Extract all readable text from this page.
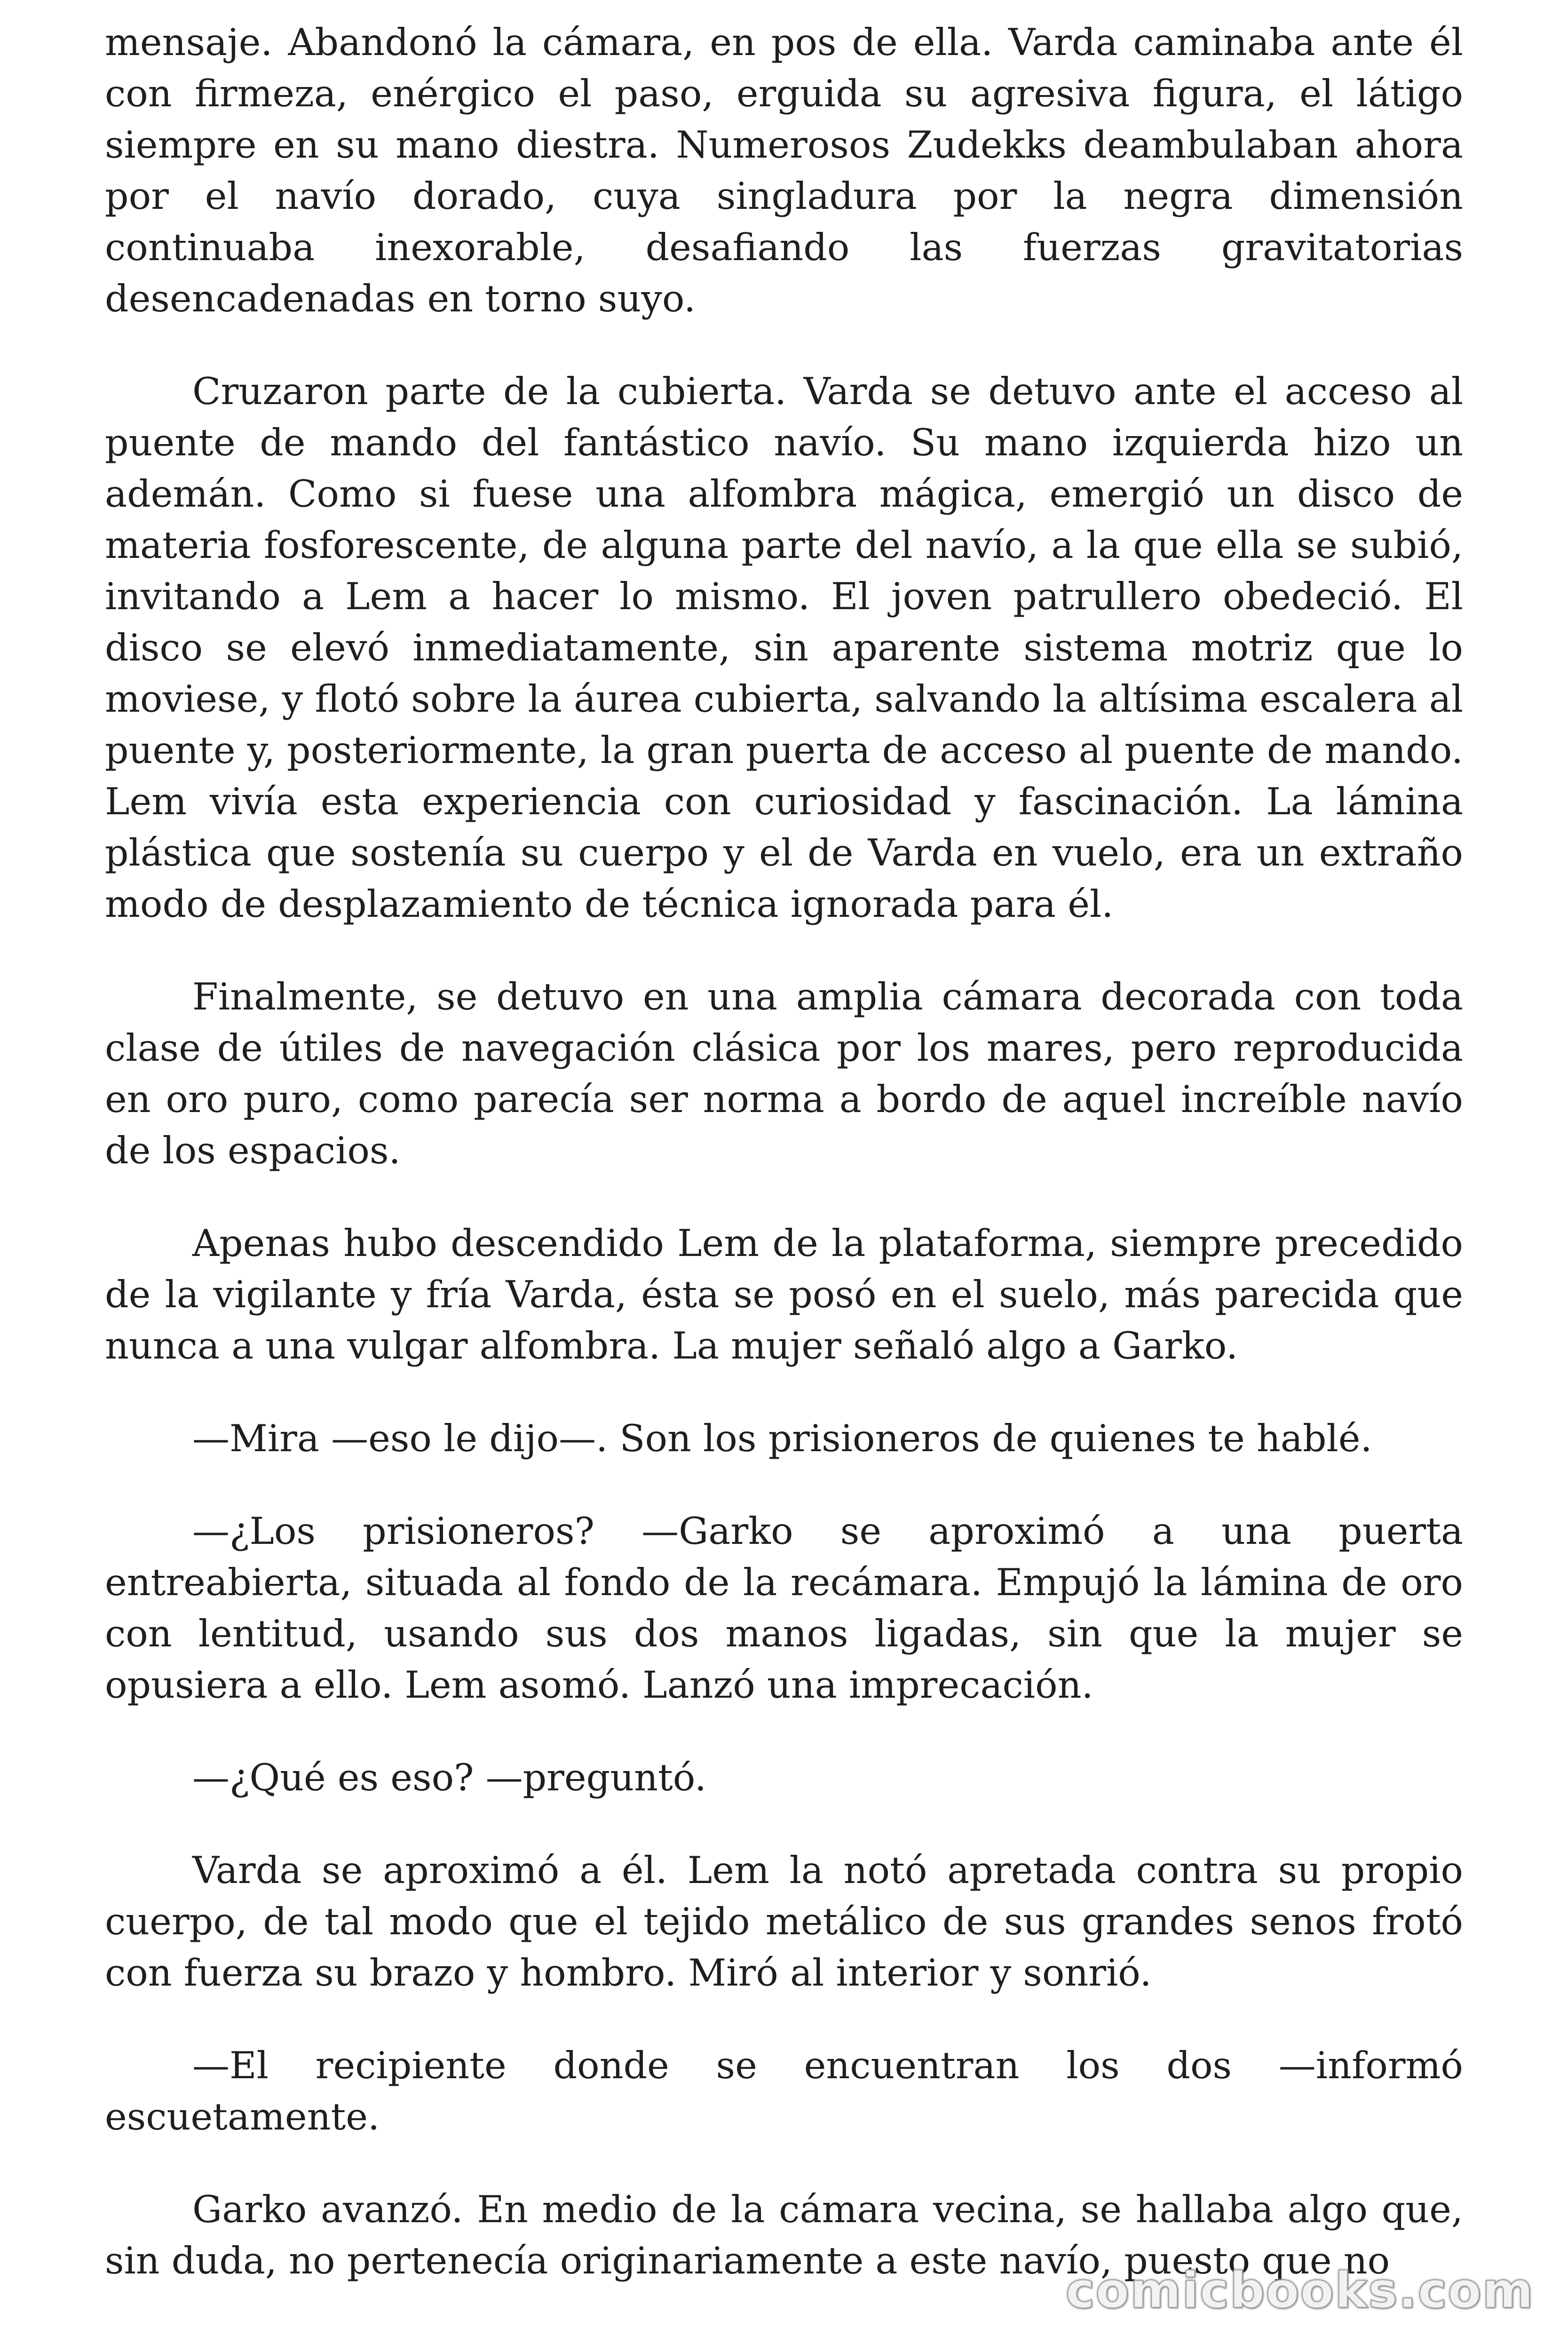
mensaje. Abandonó la cámara, en pos de ella. Varda caminaba ante él con firmeza, enérgico el paso, erguida su agresiva figura, el látigo siempre en su mano diestra. Numerosos Zudekks deambulaban ahora por el navío dorado, cuya singladura por la negra dimensión continuaba inexorable, desafiando las fuerzas gravitatorias desencadenadas en torno suyo.

Cruzaron parte de la cubierta. Varda se detuvo ante el acceso al puente de mando del fantástico navío. Su mano izquierda hizo un ademán. Como si fuese una alfombra mágica, emergió un disco de materia fosforescente, de alguna parte del navío, a la que ella se subió, invitando a Lem a hacer lo mismo. El joven patrullero obedeció. El disco se elevó inmediatamente, sin aparente sistema motriz que lo moviese, y flotó sobre la áurea cubierta, salvando la altísima escalera al puente y, posteriormente, la gran puerta de acceso al puente de mando. Lem vivía esta experiencia con curiosidad y fascinación. La lámina plástica que sostenía su cuerpo y el de Varda en vuelo, era un extraño modo de desplazamiento de técnica ignorada para él.

Finalmente, se detuvo en una amplia cámara decorada con toda clase de útiles de navegación clásica por los mares, pero reproducida en oro puro, como parecía ser norma a bordo de aquel increíble navío de los espacios.

Apenas hubo descendido Lem de la plataforma, siempre precedido de la vigilante y fría Varda, ésta se posó en el suelo, más parecida que nunca a una vulgar alfombra. La mujer señaló algo a Garko.

—Mira —eso le dijo—. Son los prisioneros de quienes te hablé.

—¿Los prisioneros? —Garko se aproximó a una puerta entreabierta, situada al fondo de la recámara. Empujó la lámina de oro con lentitud, usando sus dos manos ligadas, sin que la mujer se opusiera a ello. Lem asomó. Lanzó una imprecación.

—¿Qué es eso? —preguntó.

Varda se aproximó a él. Lem la notó apretada contra su propio cuerpo, de tal modo que el tejido metálico de sus grandes senos frotó con fuerza su brazo y hombro. Miró al interior y sonrió.

—El recipiente donde se encuentran los dos —informó escuetamente.

Garko avanzó. En medio de la cámara vecina, se hallaba algo que, sin duda, no pertenecía originariamente a este navío, puesto que no

comicbooks.com
